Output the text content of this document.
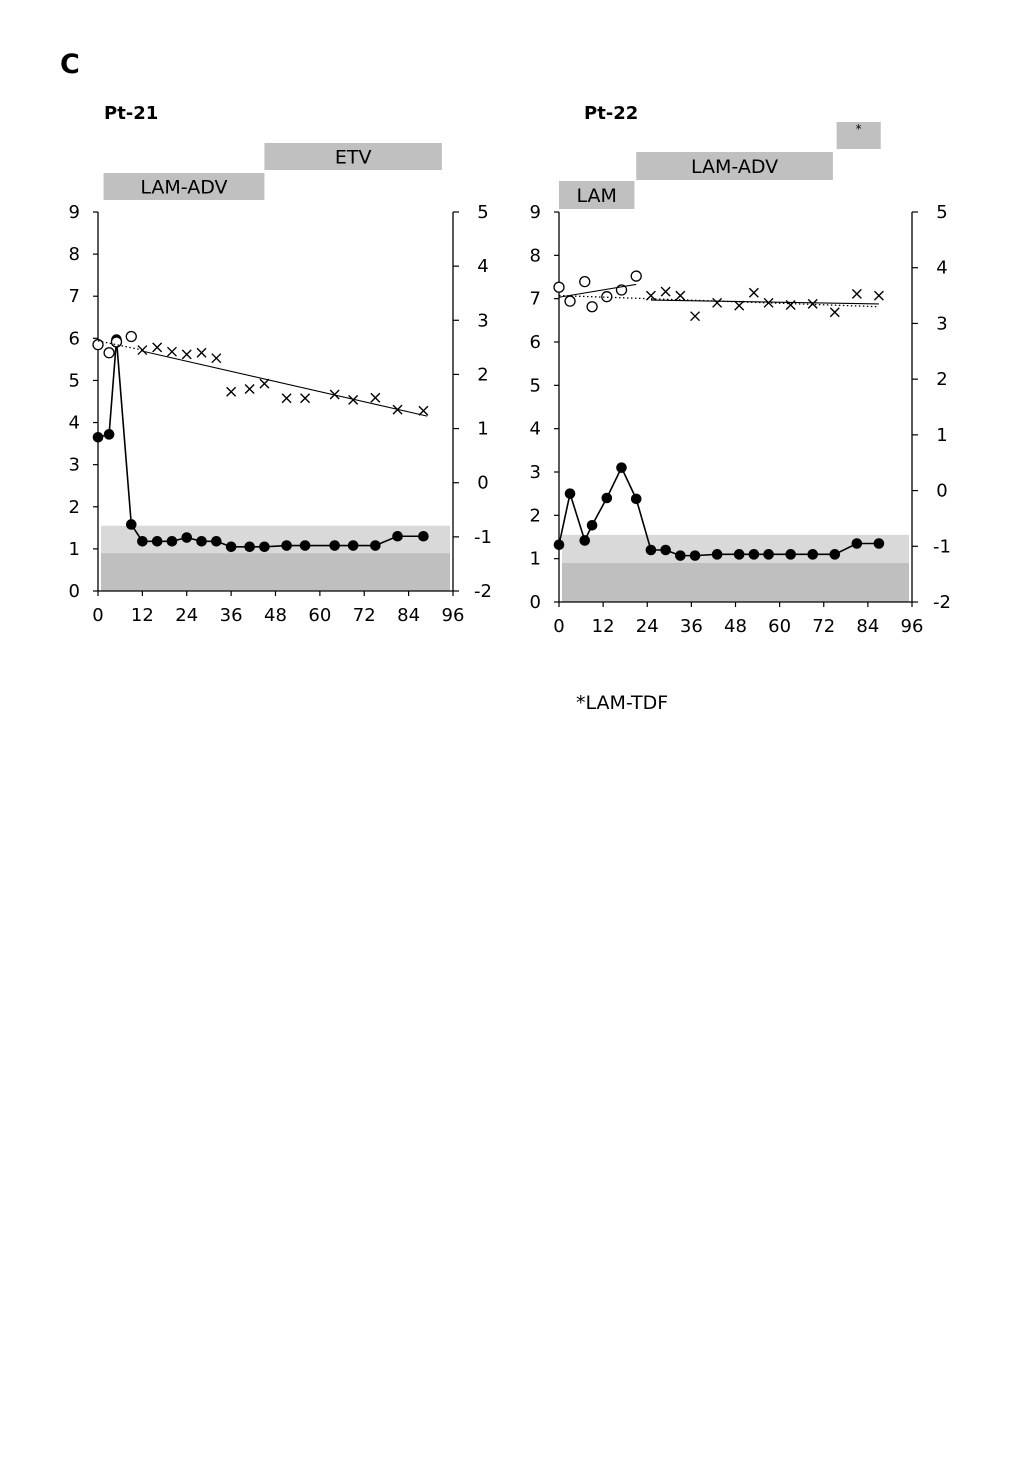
C
Pt-21
LAM-ADV
ETV
0 12 24 36 48 60 72 84 96
0
1
2
3
4
5
6
7
8
9
-2
-1
0
1
2
3
4
5
Pt-22
LAM
LAM-ADV
*
0 12 24 36 48 60 72 84 96
0
1
2
3
4
5
6
7
8
9
-2
-1
0
1
2
3
4
5
*LAM-TDF
